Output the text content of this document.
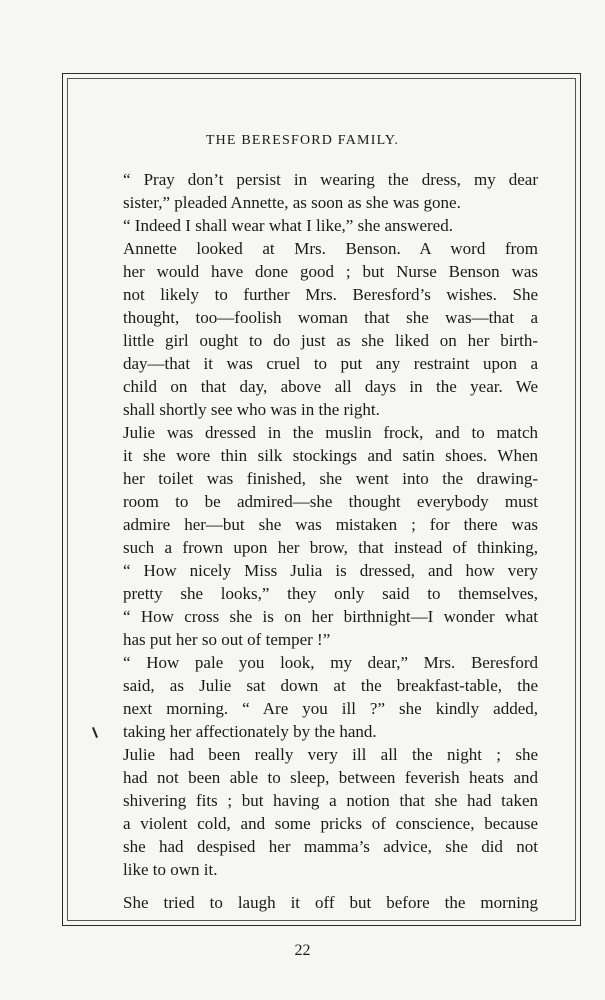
THE BERESFORD FAMILY.
“ Pray don’t persist in wearing the dress, my dear
sister,” pleaded Annette, as soon as she was gone.
“ Indeed I shall wear what I like,” she answered.
Annette looked at Mrs. Benson. A word from
her would have done good ; but Nurse Benson was
not likely to further Mrs. Beresford’s wishes. She
thought, too—foolish woman that she was—that a
little girl ought to do just as she liked on her birth-
day—that it was cruel to put any restraint upon a
child on that day, above all days in the year. We
shall shortly see who was in the right.
Julie was dressed in the muslin frock, and to match
it she wore thin silk stockings and satin shoes. When
her toilet was finished, she went into the drawing-
room to be admired—she thought everybody must
admire her—but she was mistaken ; for there was
such a frown upon her brow, that instead of thinking,
“ How nicely Miss Julia is dressed, and how very
pretty she looks,” they only said to themselves,
“ How cross she is on her birthnight—I wonder what
has put her so out of temper !”
“ How pale you look, my dear,” Mrs. Beresford
said, as Julie sat down at the breakfast-table, the
next morning. “ Are you ill ?” she kindly added,
taking her affectionately by the hand.
Julie had been really very ill all the night ; she
had not been able to sleep, between feverish heats and
shivering fits ; but having a notion that she had taken
a violent cold, and some pricks of conscience, because
she had despised her mamma’s advice, she did not
like to own it.
She tried to laugh it off but before the morning
22
